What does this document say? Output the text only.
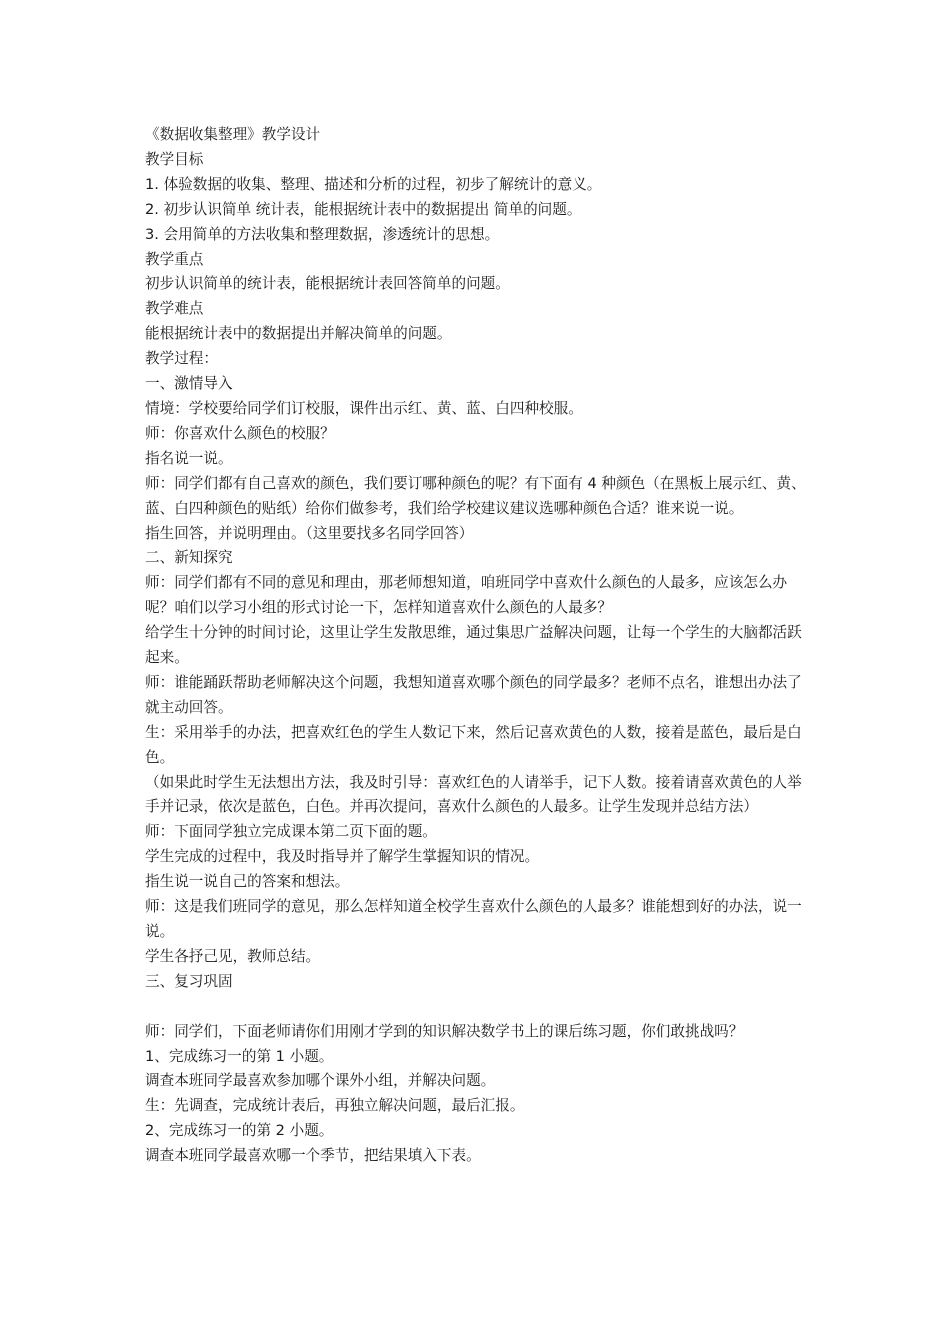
《数据收集整理》教学设计

教学目标

1. 体验数据的收集、整理、描述和分析的过程，初步了解统计的意义。

2. 初步认识简单 统计表，能根据统计表中的数据提出 简单的问题。

3. 会用简单的方法收集和整理数据，渗透统计的思想。

教学重点

初步认识简单的统计表，能根据统计表回答简单的问题。

教学难点

能根据统计表中的数据提出并解决简单的问题。

教学过程：

一、激情导入

情境：学校要给同学们订校服，课件出示红、黄、蓝、白四种校服。

师：你喜欢什么颜色的校服？

指名说一说。

师：同学们都有自己喜欢的颜色，我们要订哪种颜色的呢？有下面有 4 种颜色（在黑板上展示红、黄、蓝、白四种颜色的贴纸）给你们做参考，我们给学校建议建议选哪种颜色合适？谁来说一说。

指生回答，并说明理由。（这里要找多名同学回答）

二、新知探究

师：同学们都有不同的意见和理由，那老师想知道，咱班同学中喜欢什么颜色的人最多，应该怎么办呢？咱们以学习小组的形式讨论一下，怎样知道喜欢什么颜色的人最多？

给学生十分钟的时间讨论，这里让学生发散思维，通过集思广益解决问题，让每一个学生的大脑都活跃起来。

师：谁能踊跃帮助老师解决这个问题，我想知道喜欢哪个颜色的同学最多？老师不点名，谁想出办法了就主动回答。

生：采用举手的办法，把喜欢红色的学生人数记下来，然后记喜欢黄色的人数，接着是蓝色，最后是白色。

（如果此时学生无法想出方法，我及时引导：喜欢红色的人请举手，记下人数。接着请喜欢黄色的人举手并记录，依次是蓝色，白色。并再次提问，喜欢什么颜色的人最多。让学生发现并总结方法）

师：下面同学独立完成课本第二页下面的题。

学生完成的过程中，我及时指导并了解学生掌握知识的情况。

指生说一说自己的答案和想法。

师：这是我们班同学的意见，那么怎样知道全校学生喜欢什么颜色的人最多？谁能想到好的办法，说一说。

学生各抒己见，教师总结。

三、复习巩固

师：同学们，下面老师请你们用刚才学到的知识解决数学书上的课后练习题，你们敢挑战吗？

1、完成练习一的第 1 小题。

调查本班同学最喜欢参加哪个课外小组，并解决问题。

生：先调查，完成统计表后，再独立解决问题，最后汇报。

2、完成练习一的第 2 小题。

调查本班同学最喜欢哪一个季节，把结果填入下表。
